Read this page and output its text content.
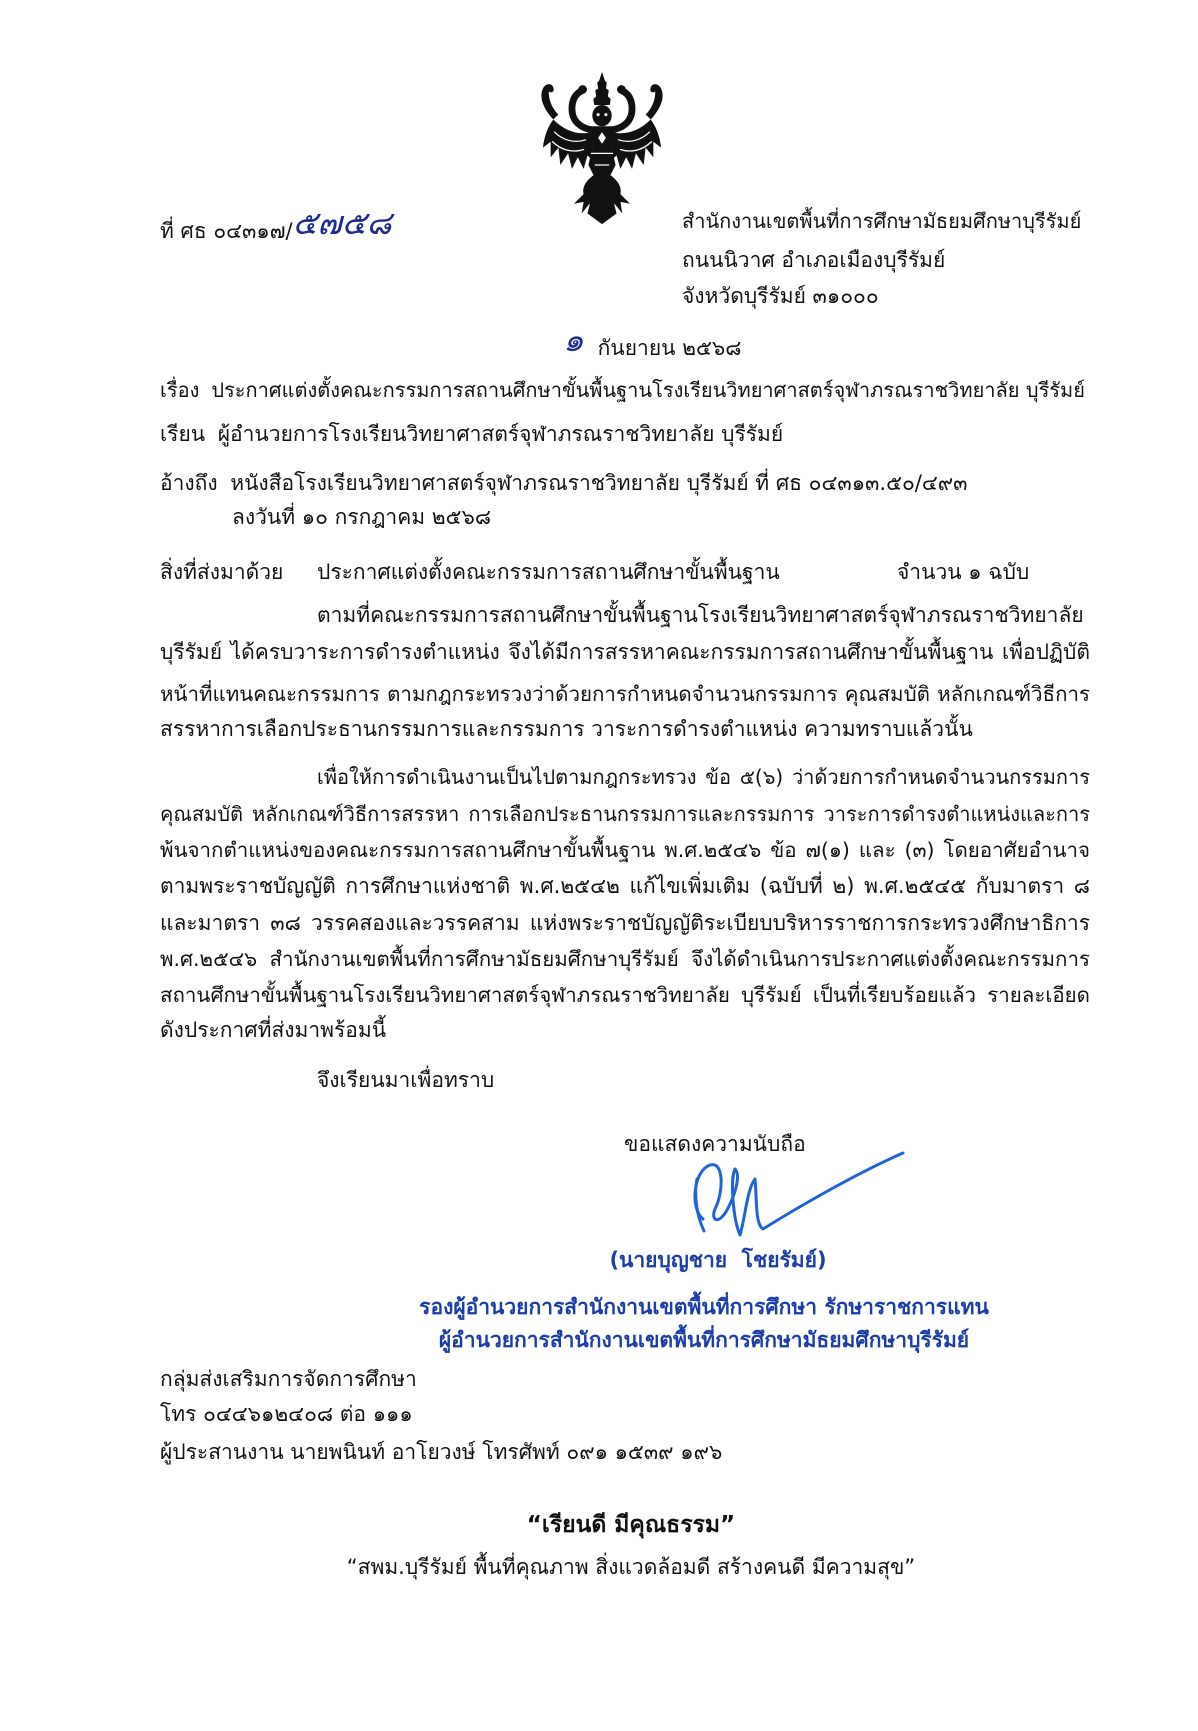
ที่ ศธ ๐๔๓๑๗/๕๗๕๘	สำนักงานเขตพื้นที่การศึกษามัธยมศึกษาบุรีรัมย์
ถนนนิวาศ อำเภอเมืองบุรีรัมย์
จังหวัดบุรีรัมย์ ๓๑๐๐๐
๑ กันยายน ๒๕๖๘
เรื่อง ประกาศแต่งตั้งคณะกรรมการสถานศึกษาขั้นพื้นฐานโรงเรียนวิทยาศาสตร์จุฬาภรณราชวิทยาลัย บุรีรัมย์
เรียน ผู้อำนวยการโรงเรียนวิทยาศาสตร์จุฬาภรณราชวิทยาลัย บุรีรัมย์
อ้างถึง หนังสือโรงเรียนวิทยาศาสตร์จุฬาภรณราชวิทยาลัย บุรีรัมย์ ที่ ศธ ๐๔๓๑๓.๕๐/๔๙๓
ลงวันที่ ๑๐ กรกฎาคม ๒๕๖๘
สิ่งที่ส่งมาด้วย	ประกาศแต่งตั้งคณะกรรมการสถานศึกษาขั้นพื้นฐาน	จำนวน ๑ ฉบับ
ตามที่คณะกรรมการสถานศึกษาขั้นพื้นฐานโรงเรียนวิทยาศาสตร์จุฬาภรณราชวิทยาลัย
บุรีรัมย์ ได้ครบวาระการดำรงตำแหน่ง จึงได้มีการสรรหาคณะกรรมการสถานศึกษาขั้นพื้นฐาน เพื่อปฏิบัติ
หน้าที่แทนคณะกรรมการ ตามกฎกระทรวงว่าด้วยการกำหนดจำนวนกรรมการ คุณสมบัติ หลักเกณฑ์วิธีการ
สรรหาการเลือกประธานกรรมการและกรรมการ วาระการดำรงตำแหน่ง ความทราบแล้วนั้น
เพื่อให้การดำเนินงานเป็นไปตามกฎกระทรวง ข้อ ๕(๖) ว่าด้วยการกำหนดจำนวนกรรมการ
คุณสมบัติ หลักเกณฑ์วิธีการสรรหา การเลือกประธานกรรมการและกรรมการ วาระการดำรงตำแหน่งและการ
พ้นจากตำแหน่งของคณะกรรมการสถานศึกษาขั้นพื้นฐาน พ.ศ.๒๕๔๖ ข้อ ๗(๑) และ (๓) โดยอาศัยอำนาจ
ตามพระราชบัญญัติ การศึกษาแห่งชาติ พ.ศ.๒๕๔๒ แก้ไขเพิ่มเติม (ฉบับที่ ๒) พ.ศ.๒๕๔๕ กับมาตรา ๘
และมาตรา ๓๘ วรรคสองและวรรคสาม แห่งพระราชบัญญัติระเบียบบริหารราชการกระทรวงศึกษาธิการ
พ.ศ.๒๕๔๖ สำนักงานเขตพื้นที่การศึกษามัธยมศึกษาบุรีรัมย์ จึงได้ดำเนินการประกาศแต่งตั้งคณะกรรมการ
สถานศึกษาขั้นพื้นฐานโรงเรียนวิทยาศาสตร์จุฬาภรณราชวิทยาลัย บุรีรัมย์ เป็นที่เรียบร้อยแล้ว รายละเอียด
ดังประกาศที่ส่งมาพร้อมนี้
จึงเรียนมาเพื่อทราบ
ขอแสดงความนับถือ
(นายบุญชาย  โชยรัมย์)
รองผู้อำนวยการสำนักงานเขตพื้นที่การศึกษา รักษาราชการแทน
ผู้อำนวยการสำนักงานเขตพื้นที่การศึกษามัธยมศึกษาบุรีรัมย์
กลุ่มส่งเสริมการจัดการศึกษา
โทร ๐๔๔๖๑๒๔๐๘ ต่อ ๑๑๑
ผู้ประสานงาน นายพนินท์ อาโยวงษ์ โทรศัพท์ ๐๙๑ ๑๕๓๙ ๑๙๖
“เรียนดี มีคุณธรรม”
“สพม.บุรีรัมย์ พื้นที่คุณภาพ สิ่งแวดล้อมดี สร้างคนดี มีความสุข”
